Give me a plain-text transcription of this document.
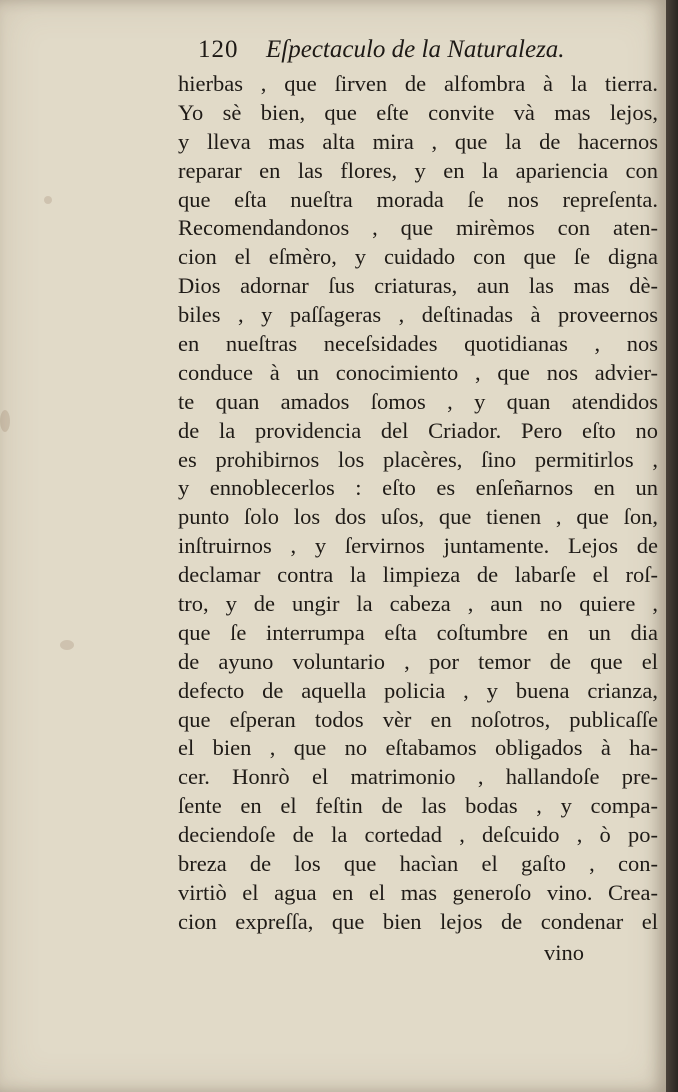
120 Eſpectaculo de la Naturaleza.
hierbas , que ſirven de alfombra à la tierra.
Yo sè bien, que eſte convite và mas lejos,
y lleva mas alta mira , que la de hacernos
reparar en las flores, y en la apariencia con
que eſta nueſtra morada ſe nos repreſenta.
Recomendandonos , que mirèmos con aten-
cion el eſmèro, y cuidado con que ſe digna
Dios adornar ſus criaturas, aun las mas dè-
biles , y paſſageras , deſtinadas à proveernos
en nueſtras neceſsidades quotidianas , nos
conduce à un conocimiento , que nos advier-
te quan amados ſomos , y quan atendidos
de la providencia del Criador. Pero eſto no
es prohibirnos los placères, ſino permitirlos ,
y ennoblecerlos : eſto es enſeñarnos en un
punto ſolo los dos uſos, que tienen , que ſon,
inſtruirnos , y ſervirnos juntamente. Lejos de
declamar contra la limpieza de labarſe el roſ-
tro, y de ungir la cabeza , aun no quiere ,
que ſe interrumpa eſta coſtumbre en un dia
de ayuno voluntario , por temor de que el
defecto de aquella policia , y buena crianza,
que eſperan todos vèr en noſotros, publicaſſe
el bien , que no eſtabamos obligados à ha-
cer. Honrò el matrimonio , hallandoſe pre-
ſente en el feſtin de las bodas , y compa-
deciendoſe de la cortedad , deſcuido , ò po-
breza de los que hacìan el gaſto , con-
virtiò el agua en el mas generoſo vino. Crea-
cion expreſſa, que bien lejos de condenar el
vino
